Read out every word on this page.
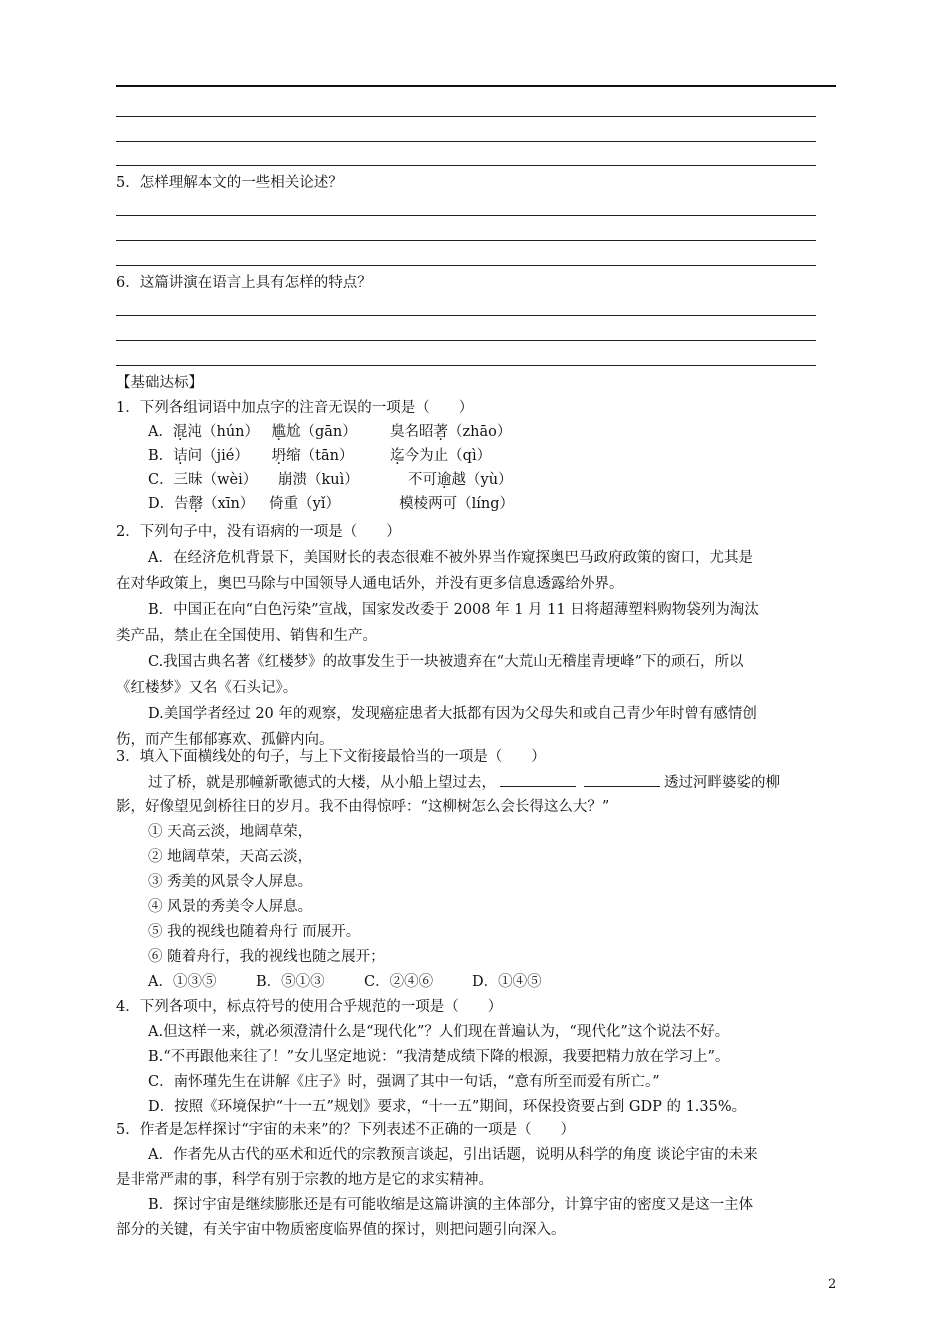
5．怎样理解本文的一些相关论述？
6．这篇讲演在语言上具有怎样的特点？
【基础达标】
1．下列各组词语中加点字的注音无误的一项是（　　）
A．混沌（hún） 尴尬（gān） 臭名昭著（zhāo）
B．诘问（jié） 坍缩（tān）	迄今为止（qì）
C．三昧（wèi） 崩溃（kuì）	不可逾越（yù）
D．告罄（xīn） 倚重（yǐ）	模棱两可（líng）
2．下列句子中，没有语病的一项是（　　）
A．在经济危机背景下，美国财长的表态很难不被外界当作窥探奥巴马政府政策的窗口，尤其是
在对华政策上，奥巴马除与中国领导人通电话外，并没有更多信息透露给外界。
B．中国正在向“白色污染”宣战，国家发改委于 2008 年 1 月 11 日将超薄塑料购物袋列为淘汰
类产品，禁止在全国使用、销售和生产。
C.我国古典名著《红楼梦》的故事发生于一块被遗弃在“大荒山无稽崖青埂峰”下的顽石，所以
《红楼梦》又名《石头记》。
D.美国学者经过 20 年的观察，发现癌症患者大抵都有因为父母失和或自己青少年时曾有感情创
伤，而产生郁郁寡欢、孤僻内向。
3．填入下面横线处的句子，与上下文衔接最恰当的一项是（　　）
过了桥，就是那幢新歌德式的大楼，从小船上望过去，	透过河畔婆娑的柳
影，好像望见剑桥往日的岁月。我不由得惊呼：“这柳树怎么会长得这么大？”
① 天高云淡，地阔草荣，
② 地阔草荣，天高云淡，
③ 秀美的风景令人屏息。
④ 风景的秀美令人屏息。
⑤ 我的视线也随着舟行 而展开。
⑥ 随着舟行，我的视线也随之展开；
A．①③⑤	B．⑤①③	C．②④⑥	D．①④⑤
4．下列各项中，标点符号的使用合乎规范的一项是（　　）
A.但这样一来，就必须澄清什么是“现代化”？人们现在普遍认为，“现代化”这个说法不好。
B.“不再跟他来往了！”女儿坚定地说：“我清楚成绩下降的根源，我要把精力放在学习上”。
C．南怀瑾先生在讲解《庄子》时，强调了其中一句话，“意有所至而爱有所亡。”
D．按照《环境保护“十一五”规划》要求，“十一五”期间，环保投资要占到 GDP 的 1.35%。
5．作者是怎样探讨“宇宙的未来”的？下列表述不正确的一项是（　　）
A．作者先从古代的巫术和近代的宗教预言谈起，引出话题，说明从科学的角度 谈论宇宙的未来
是非常严肃的事，科学有别于宗教的地方是它的求实精神。
B．探讨宇宙是继续膨胀还是有可能收缩是这篇讲演的主体部分，计算宇宙的密度又是这一主体
部分的关键，有关宇宙中物质密度临界值的探讨，则把问题引向深入。
2
